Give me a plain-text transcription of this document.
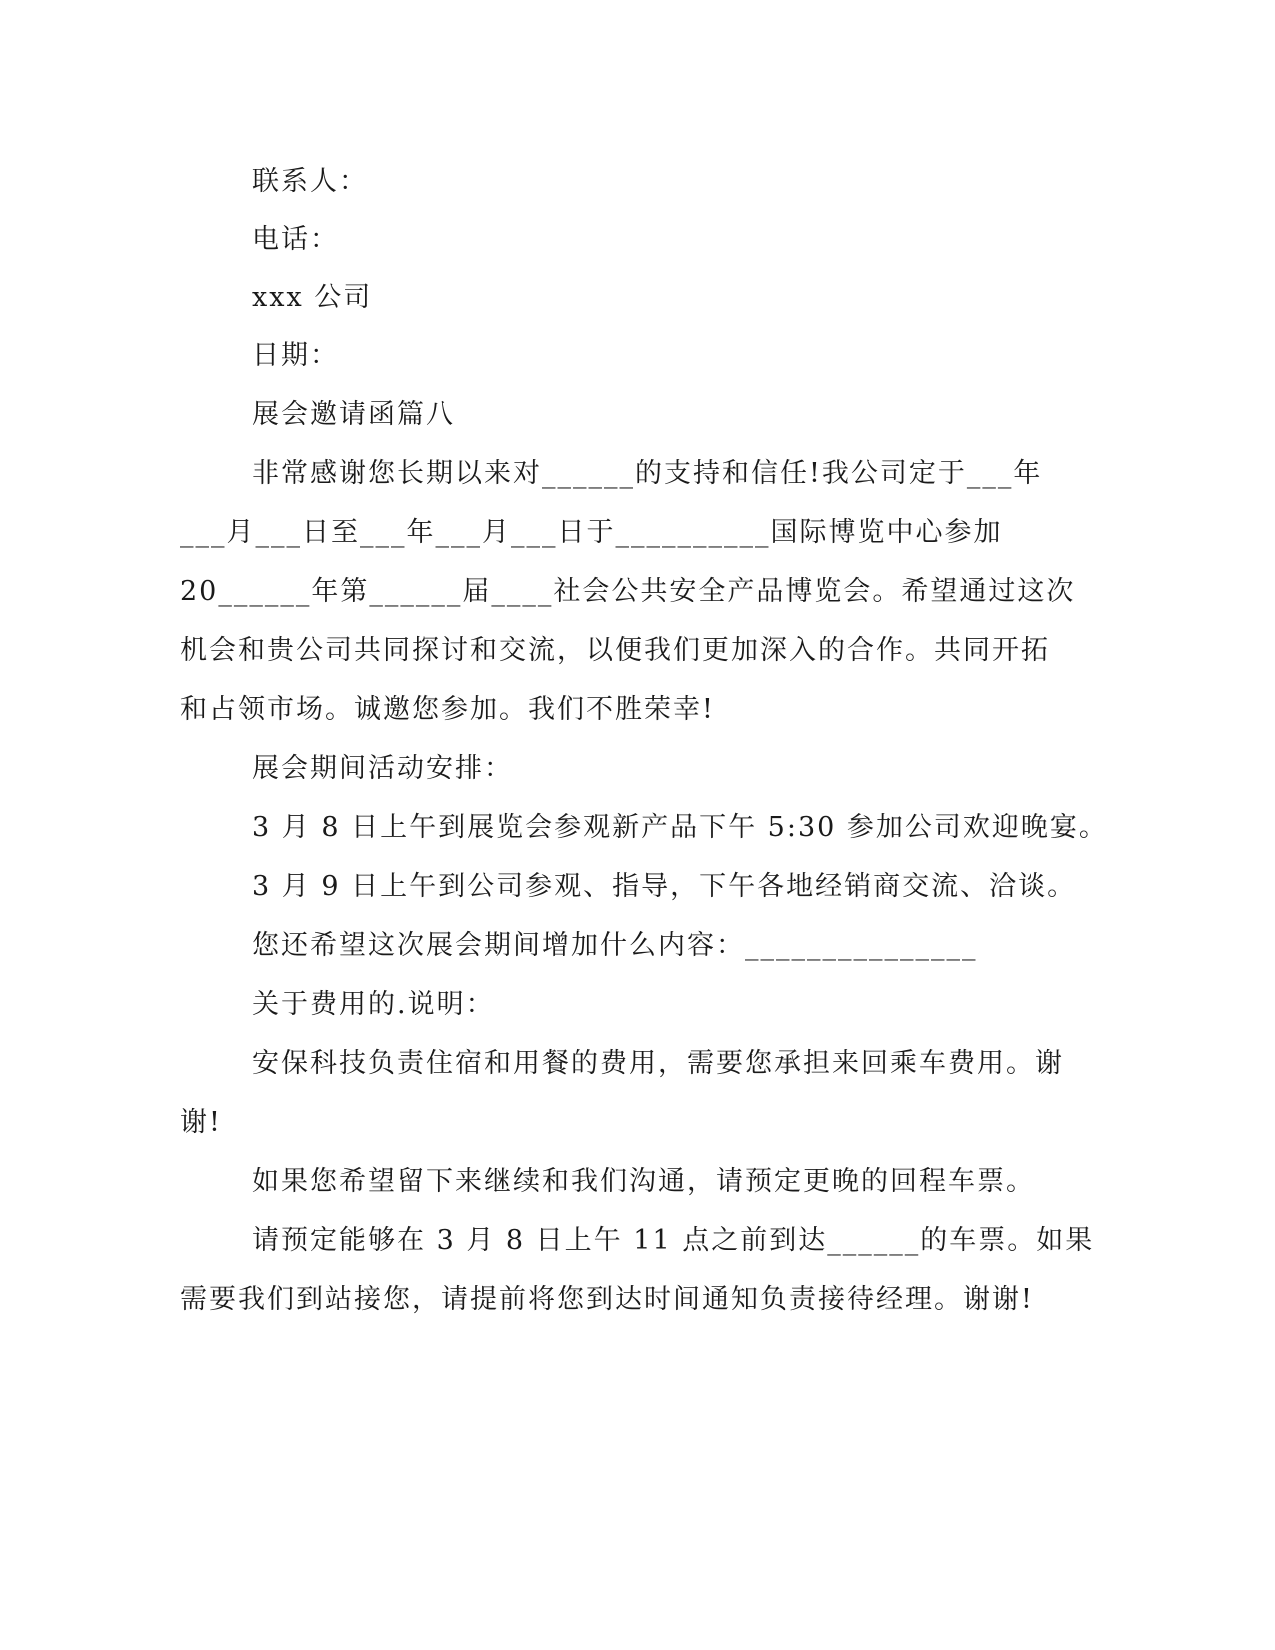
联系人：
电话：
xxx 公司
日期：
展会邀请函篇八
非常感谢您长期以来对______的支持和信任!我公司定于___年
___月___日至___年___月___日于__________国际博览中心参加
20______年第______届____社会公共安全产品博览会。希望通过这次
机会和贵公司共同探讨和交流，以便我们更加深入的合作。共同开拓
和占领市场。诚邀您参加。我们不胜荣幸!
展会期间活动安排：
3 月 8 日上午到展览会参观新产品下午 5:30 参加公司欢迎晚宴。
3 月 9 日上午到公司参观、指导，下午各地经销商交流、洽谈。
您还希望这次展会期间增加什么内容：_______________
关于费用的.说明：
安保科技负责住宿和用餐的费用，需要您承担来回乘车费用。谢
谢!
如果您希望留下来继续和我们沟通，请预定更晚的回程车票。
请预定能够在 3 月 8 日上午 11 点之前到达______的车票。如果
需要我们到站接您，请提前将您到达时间通知负责接待经理。谢谢!
